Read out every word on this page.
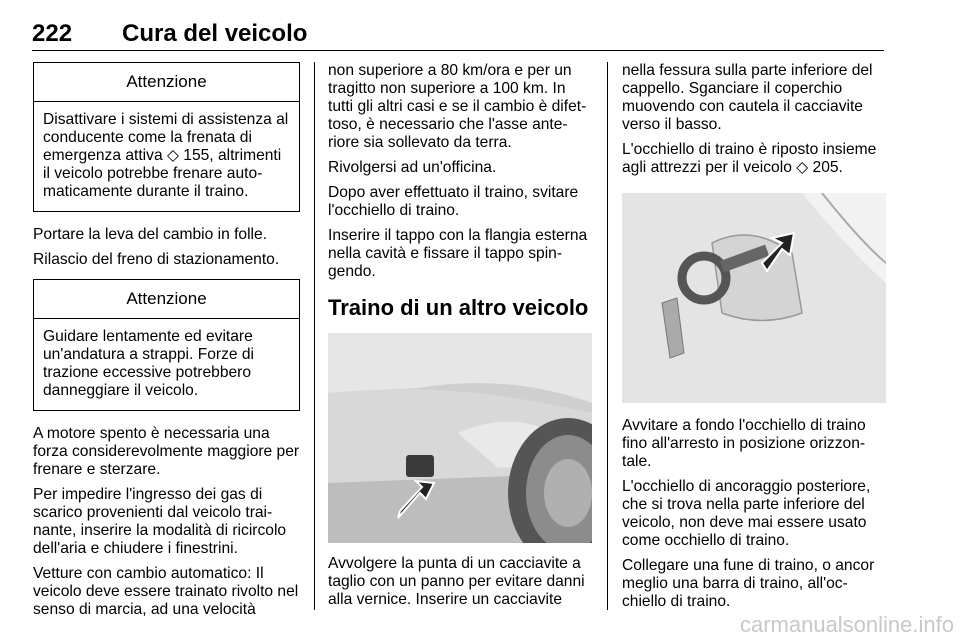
222 Cura del veicolo
Attenzione
Disattivare i sistemi di assistenza al conducente come la frenata di emergenza attiva ◇ 155, altrimenti il veicolo potrebbe frenare auto-maticamente durante il traino.

Portare la leva del cambio in folle.

Rilascio del freno di stazionamento.

Attenzione
Guidare lentamente ed evitare un'andatura a strappi. Forze di trazione eccessive potrebbero danneggiare il veicolo.

A motore spento è necessaria una forza considerevolmente maggiore per frenare e sterzare.

Per impedire l'ingresso dei gas di scarico provenienti dal veicolo trai-nante, inserire la modalità di ricircolo dell'aria e chiudere i finestrini.

Vetture con cambio automatico: Il veicolo deve essere trainato rivolto nel senso di marcia, ad una velocità

non superiore a 80 km/ora e per un tragitto non superiore a 100 km. In tutti gli altri casi e se il cambio è difet-toso, è necessario che l'asse ante-riore sia sollevato da terra.

Rivolgersi ad un'officina.

Dopo aver effettuato il traino, svitare l'occhiello di traino.

Inserire il tappo con la flangia esterna nella cavità e fissare il tappo spin-gendo.

Traino di un altro veicolo

Avvolgere la punta di un cacciavite a taglio con un panno per evitare danni alla vernice. Inserire un cacciavite

nella fessura sulla parte inferiore del cappello. Sganciare il coperchio muovendo con cautela il cacciavite verso il basso.

L'occhiello di traino è riposto insieme agli attrezzi per il veicolo ◇ 205.

Avvitare a fondo l'occhiello di traino fino all'arresto in posizione orizzon-tale.

L'occhiello di ancoraggio posteriore, che si trova nella parte inferiore del veicolo, non deve mai essere usato come occhiello di traino.

Collegare una fune di traino, o ancor meglio una barra di traino, all'oc-chiello di traino.

carmanualsonline.info
